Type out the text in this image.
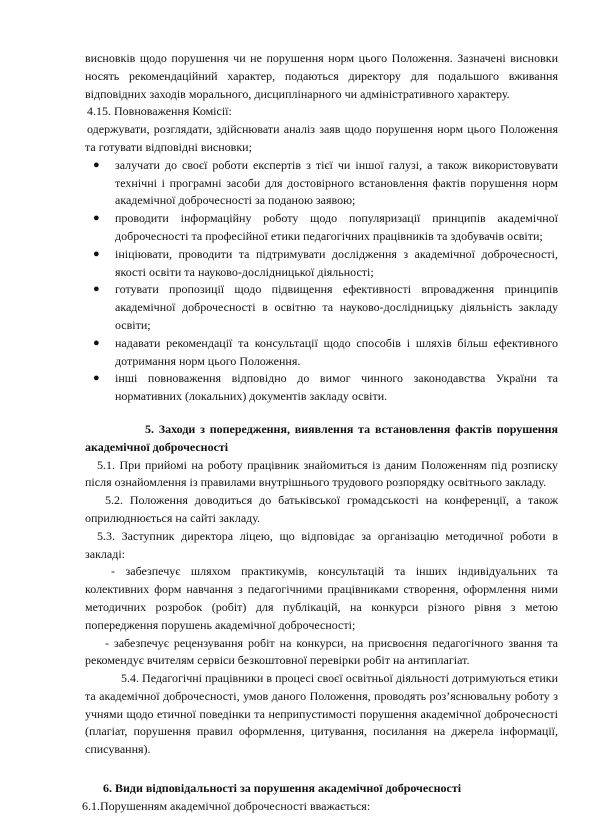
висновків щодо порушення чи не порушення норм цього Положення. Зазначені висновки носять рекомендаційний характер, подаються директору для подальшого вживання відповідних заходів морального, дисциплінарного чи адміністративного характеру.

4.15. Повноваження Комісії:

одержувати, розглядати, здійснювати аналіз заяв щодо порушення норм цього Положення та готувати відповідні висновки;

● залучати до своєї роботи експертів з тієї чи іншої галузі, а також використовувати технічні і програмні засоби для достовірного встановлення фактів порушення норм академічної доброчесності за поданою заявою;
● проводити інформаційну роботу щодо популяризації принципів академічної доброчесності та професійної етики педагогічних працівників та здобувачів освіти;
● ініціювати, проводити та підтримувати дослідження з академічної доброчесності, якості освіти та науково-дослідницької діяльності;
● готувати пропозиції щодо підвищення ефективності впровадження принципів академічної доброчесності в освітню та науково-дослідницьку діяльність закладу освіти;
● надавати рекомендації та консультації щодо способів і шляхів більш ефективного дотримання норм цього Положення.
● інші повноваження відповідно до вимог чинного законодавства України та нормативних (локальних) документів закладу освіти.

5. Заходи з попередження, виявлення та встановлення фактів порушення академічної доброчесності

5.1. При прийомі на роботу працівник знайомиться із даним Положенням під розписку після ознайомлення із правилами внутрішнього трудового розпорядку освітнього закладу.

5.2. Положення доводиться до батьківської громадськості на конференції, а також оприлюднюється на сайті закладу.

5.3. Заступник директора ліцею, що відповідає за організацію методичної роботи в закладі:

- забезпечує шляхом практикумів, консультацій та інших індивідуальних та колективних форм навчання з педагогічними працівниками створення, оформлення ними методичних розробок (робіт) для публікацій, на конкурси різного рівня з метою попередження порушень академічної доброчесності;

- забезпечує рецензування робіт на конкурси, на присвоєння педагогічного звання та рекомендує вчителям сервіси безкоштовної перевірки робіт на антиплагіат.

5.4. Педагогічні працівники в процесі своєї освітньої діяльності дотримуються етики та академічної доброчесності, умов даного Положення, проводять роз’яснювальну роботу з учнями щодо етичної поведінки та неприпустимості порушення академічної доброчесності (плагіат, порушення правил оформлення, цитування, посилання на джерела інформації, списування).

6. Види відповідальності за порушення академічної доброчесності

6.1.Порушенням академічної доброчесності вважається:
